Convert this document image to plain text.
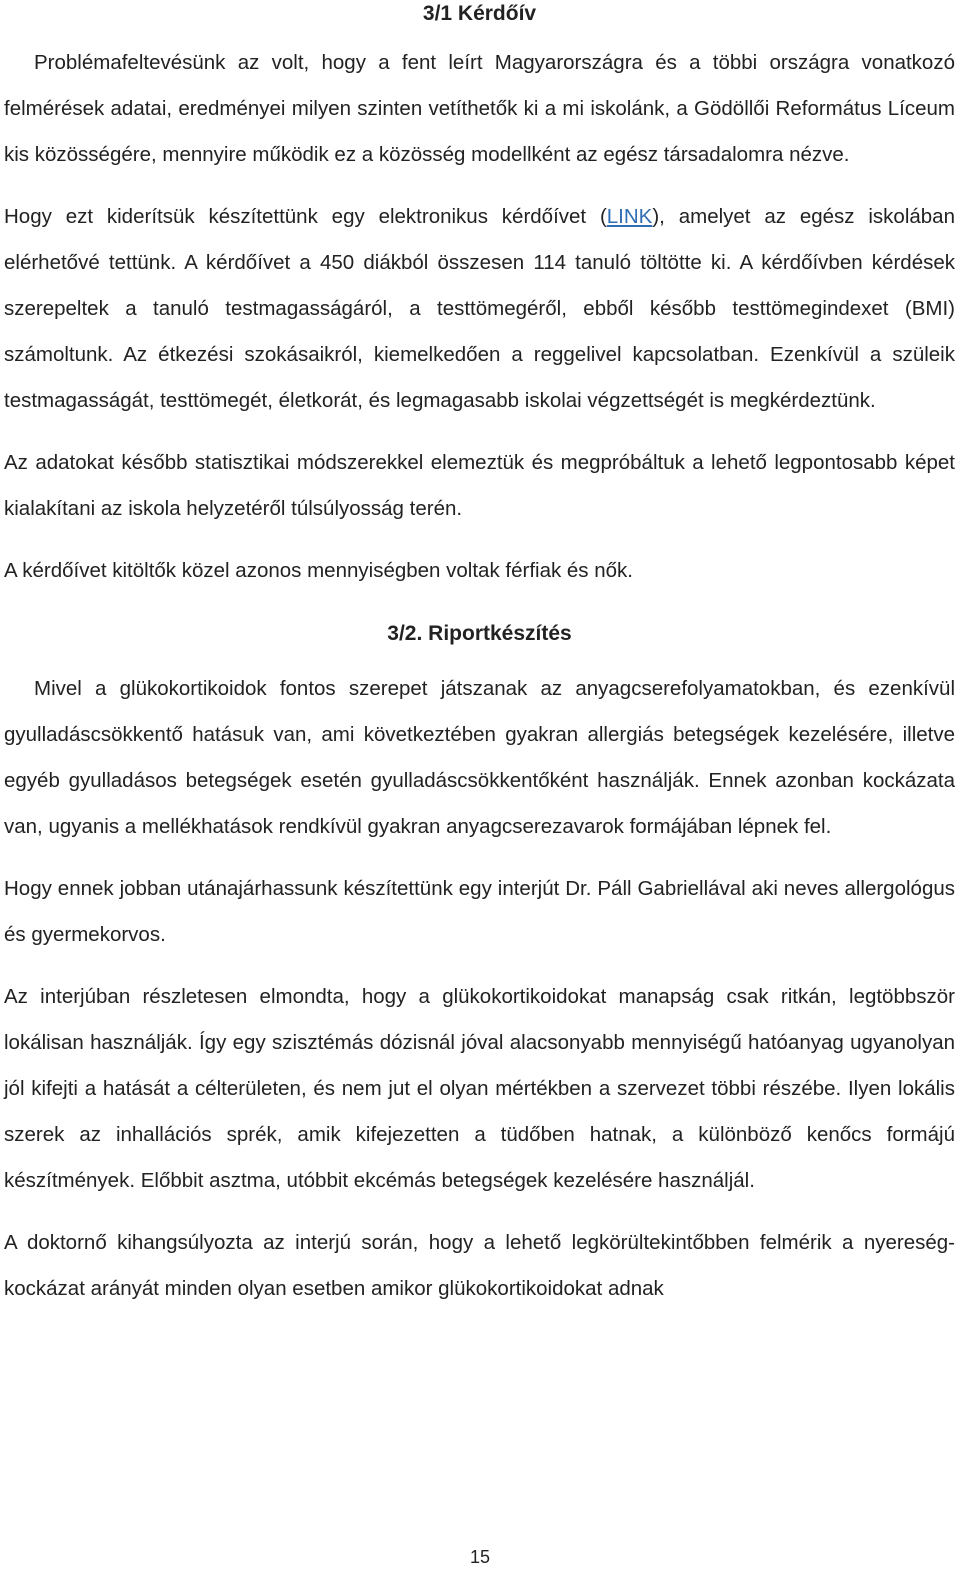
3/1 Kérdőív

Problémafeltevésünk az volt, hogy a fent leírt Magyarországra és a többi országra vonatkozó felmérések adatai, eredményei milyen szinten vetíthetők ki a mi iskolánk, a Gödöllői Református Líceum kis közösségére, mennyire működik ez a közösség modellként az egész társadalomra nézve.

Hogy ezt kiderítsük készítettünk egy elektronikus kérdőívet (LINK), amelyet az egész iskolában elérhetővé tettünk. A kérdőívet a 450 diákból összesen 114 tanuló töltötte ki. A kérdőívben kérdések szerepeltek a tanuló testmagasságáról, a testtömegéről, ebből később testtömegindexet (BMI) számoltunk. Az étkezési szokásaikról, kiemelkedően a reggelivel kapcsolatban. Ezenkívül a szüleik testmagasságát, testtömegét, életkorát, és legmagasabb iskolai végzettségét is megkérdeztünk.

Az adatokat később statisztikai módszerekkel elemeztük és megpróbáltuk a lehető legpontosabb képet kialakítani az iskola helyzetéről túlsúlyosság terén.

A kérdőívet kitöltők közel azonos mennyiségben voltak férfiak és nők.

3/2. Riportkészítés

Mivel a glükokortikoidok fontos szerepet játszanak az anyagcserefolyamatokban, és ezenkívül gyulladáscsökkentő hatásuk van, ami következtében gyakran allergiás betegségek kezelésére, illetve egyéb gyulladásos betegségek esetén gyulladáscsökkentőként használják. Ennek azonban kockázata van, ugyanis a mellékhatások rendkívül gyakran anyagcserezavarok formájában lépnek fel.

Hogy ennek jobban utánajárhassunk készítettünk egy interjút Dr. Páll Gabriellával aki neves allergológus és gyermekorvos.

Az interjúban részletesen elmondta, hogy a glükokortikoidokat manapság csak ritkán, legtöbbször lokálisan használják. Így egy szisztémás dózisnál jóval alacsonyabb mennyiségű hatóanyag ugyanolyan jól kifejti a hatását a célterületen, és nem jut el olyan mértékben a szervezet többi részébe. Ilyen lokális szerek az inhallációs sprék, amik kifejezetten a tüdőben hatnak, a különböző kenőcs formájú készítmények. Előbbit asztma, utóbbit ekcémás betegségek kezelésére használjál.

A doktornő kihangsúlyozta az interjú során, hogy a lehető legkörültekintőbben felmérik a nyereség-kockázat arányát minden olyan esetben amikor glükokortikoidokat adnak

15
